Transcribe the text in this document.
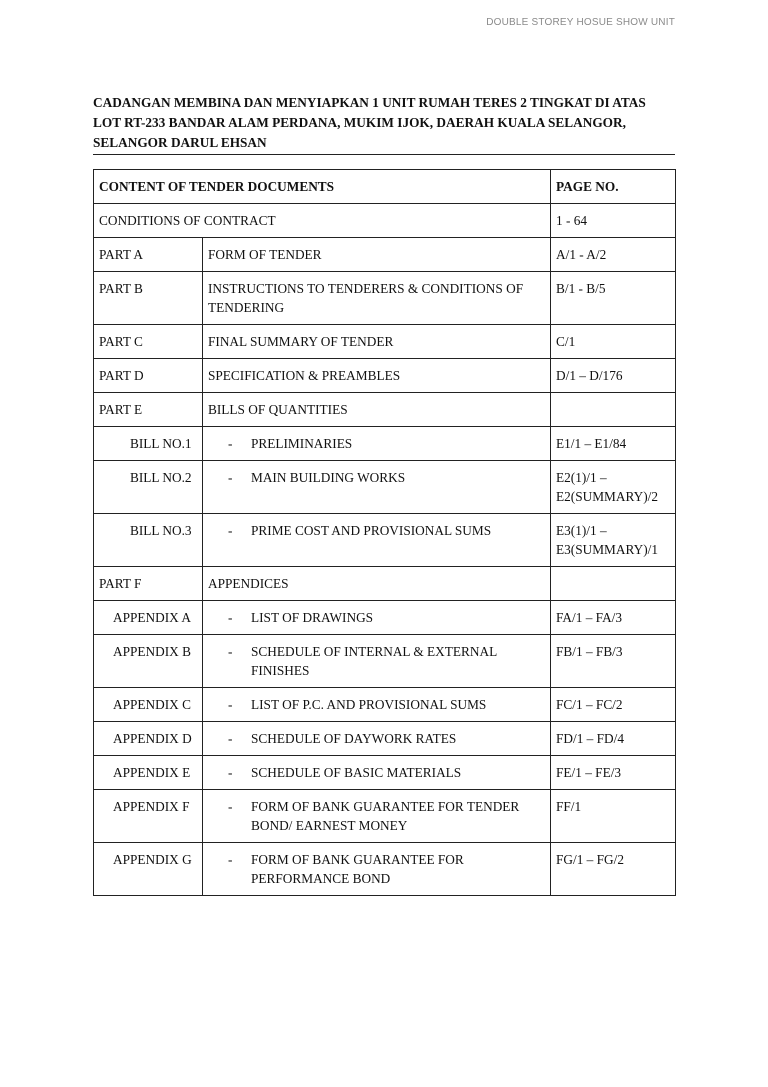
DOUBLE STOREY HOSUE SHOW UNIT
CADANGAN MEMBINA DAN MENYIAPKAN 1 UNIT RUMAH TERES 2 TINGKAT DI ATAS LOT RT-233 BANDAR ALAM PERDANA, MUKIM IJOK, DAERAH KUALA SELANGOR, SELANGOR DARUL EHSAN
CONTENT OF TENDER DOCUMENTS		PAGE NO.
CONDITIONS OF CONTRACT		1 - 64
PART A	FORM OF TENDER	A/1 - A/2
PART B	INSTRUCTIONS TO TENDERERS & CONDITIONS OF TENDERING	B/1 - B/5
PART C	FINAL SUMMARY OF TENDER	C/1
PART D	SPECIFICATION & PREAMBLES	D/1 – D/176
PART E	BILLS OF QUANTITIES	
BILL NO.1	- PRELIMINARIES	E1/1 – E1/84
BILL NO.2	- MAIN BUILDING WORKS	E2(1)/1 – E2(SUMMARY)/2
BILL NO.3	- PRIME COST AND PROVISIONAL SUMS	E3(1)/1 – E3(SUMMARY)/1
PART F	APPENDICES	
APPENDIX A	- LIST OF DRAWINGS	FA/1 – FA/3
APPENDIX B	- SCHEDULE OF INTERNAL & EXTERNAL FINISHES	FB/1 – FB/3
APPENDIX C	- LIST OF P.C. AND PROVISIONAL SUMS	FC/1 – FC/2
APPENDIX D	- SCHEDULE OF DAYWORK RATES	FD/1 – FD/4
APPENDIX E	- SCHEDULE OF BASIC MATERIALS	FE/1 – FE/3
APPENDIX F	- FORM OF BANK GUARANTEE FOR TENDER BOND/ EARNEST MONEY	FF/1
APPENDIX G	- FORM OF BANK GUARANTEE FOR PERFORMANCE BOND	FG/1 – FG/2
